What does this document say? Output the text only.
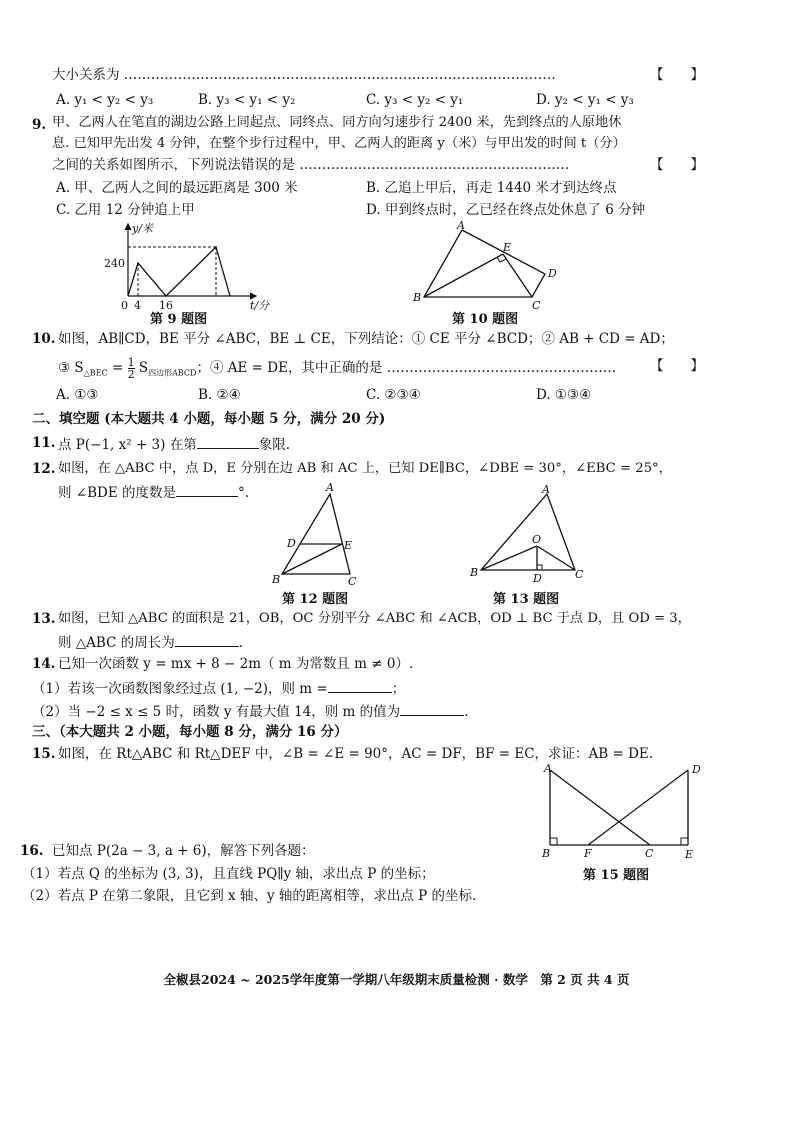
大小关系为 ……………………………………………………………………………………	【　　】
A. y₁ < y₂ < y₃	B. y₃ < y₁ < y₂	C. y₃ < y₂ < y₁	D. y₂ < y₁ < y₃
9. 甲、乙两人在笔直的湖边公路上同起点、同终点、同方向匀速步行 2400 米，先到终点的人原地休
息. 已知甲先出发 4 分钟，在整个步行过程中，甲、乙两人的距离 y（米）与甲出发的时间 t（分）
之间的关系如图所示，下列说法错误的是 ……………………………………………………	【　　】
A. 甲、乙两人之间的最远距离是 300 米	B. 乙追上甲后，再走 1440 米才到达终点
C. 乙用 12 分钟追上甲	D. 甲到终点时，乙已经在终点处休息了 6 分钟
y/米
240
0 4 16	t/分
第 9 题图
A
E
D
B
C
第 10 题图
10. 如图，AB∥CD，BE 平分 ∠ABC，BE ⊥ CE，下列结论：① CE 平分 ∠BCD；② AB + CD = AD；
③ $S_{\triangle BEC} = \frac{1}{2} S_{四边形ABCD}$；④ AE = DE，其中正确的是 ……………………………………………	【　　】
A. ①③	B. ②④	C. ②③④	D. ①③④
二、填空题 (本大题共 4 小题，每小题 5 分，满分 20 分)
11. 点 P(−1, x² + 3) 在第	象限.
12. 如图，在 △ABC 中，点 D，E 分别在边 AB 和 AC 上，已知 DE∥BC，∠DBE = 30°，∠EBC = 25°，
则 ∠BDE 的度数是	°.	A
D	E
B	C
第 12 题图
A
O
B	D	C
第 13 题图
13. 如图，已知 △ABC 的面积是 21，OB，OC 分别平分 ∠ABC 和 ∠ACB，OD ⊥ BC 于点 D，且 OD = 3，
则 △ABC 的周长为	.
14. 已知一次函数 y = mx + 8 − 2m（ m 为常数且 m ≠ 0）.
（1）若该一次函数图象经过点 (1, −2)，则 m =	；
（2）当 −2 ≤ x ≤ 5 时，函数 y 有最大值 14，则 m 的值为	.
三、（本大题共 2 小题，每小题 8 分，满分 16 分）
15. 如图，在 Rt△ABC 和 Rt△DEF 中，∠B = ∠E = 90°，AC = DF，BF = EC，求证：AB = DE.
A	D
B	F	C	E
第 15 题图
16. 已知点 P(2a − 3, a + 6)，解答下列各题：
（1）若点 Q 的坐标为 (3, 3)，且直线 PQ∥y 轴，求出点 P 的坐标；
（2）若点 P 在第二象限，且它到 x 轴、y 轴的距离相等，求出点 P 的坐标.
全椒县2024 ~ 2025学年度第一学期八年级期末质量检测 · 数学　第 2 页 共 4 页
